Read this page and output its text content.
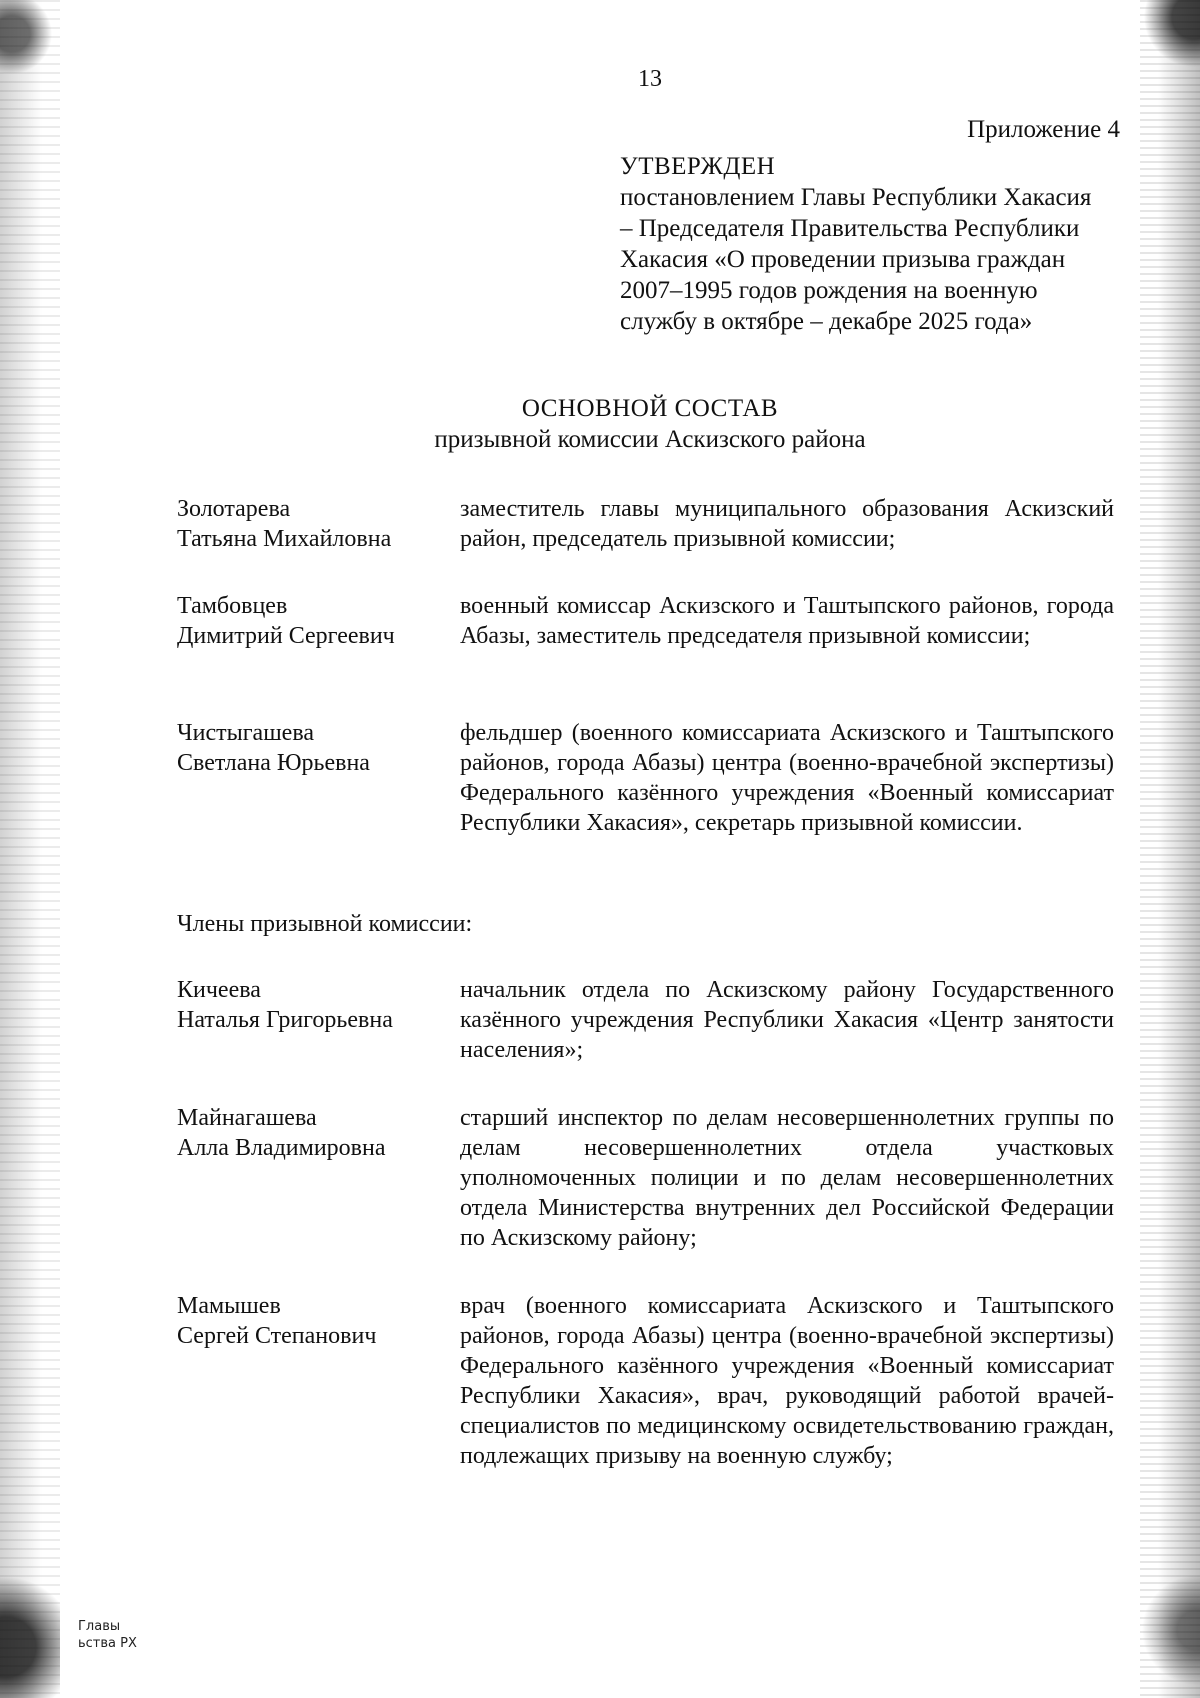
13
Приложение 4
УТВЕРЖДЕН
постановлением Главы Республики Хакасия
– Председателя Правительства Республики
Хакасия «О проведении призыва граждан
2007–1995 годов рождения на военную
службу в октябре – декабре 2025 года»
ОСНОВНОЙ СОСТАВ
призывной комиссии Аскизского района
Золотарева
Татьяна Михайловна
заместитель главы муниципального образования Аскизский район, председатель призывной комиссии;
Тамбовцев
Димитрий Сергеевич
военный комиссар Аскизского и Таштыпского районов, города Абазы, заместитель председателя призывной комиссии;
Чистыгашева
Светлана Юрьевна
фельдшер (военного комиссариата Аскизского и Таштыпского районов, города Абазы) центра (военно-врачебной экспертизы) Федерального казённого учреждения «Военный комиссариат Республики Хакасия», секретарь призывной комиссии.
Члены призывной комиссии:
Кичеева
Наталья Григорьевна
начальник отдела по Аскизскому району Государственного казённого учреждения Республики Хакасия «Центр занятости населения»;
Майнагашева
Алла Владимировна
старший инспектор по делам несовершеннолетних группы по делам несовершеннолетних отдела участковых уполномоченных полиции и по делам несовершеннолетних отдела Министерства внутренних дел Российской Федерации по Аскизскому району;
Мамышев
Сергей Степанович
врач (военного комиссариата Аскизского и Таштыпского районов, города Абазы) центра (военно-врачебной экспертизы) Федерального казённого учреждения «Военный комиссариат Республики Хакасия», врач, руководящий работой врачей-специалистов по медицинскому освидетельствованию граждан, подлежащих призыву на военную службу;
Главы
ьства РХ
